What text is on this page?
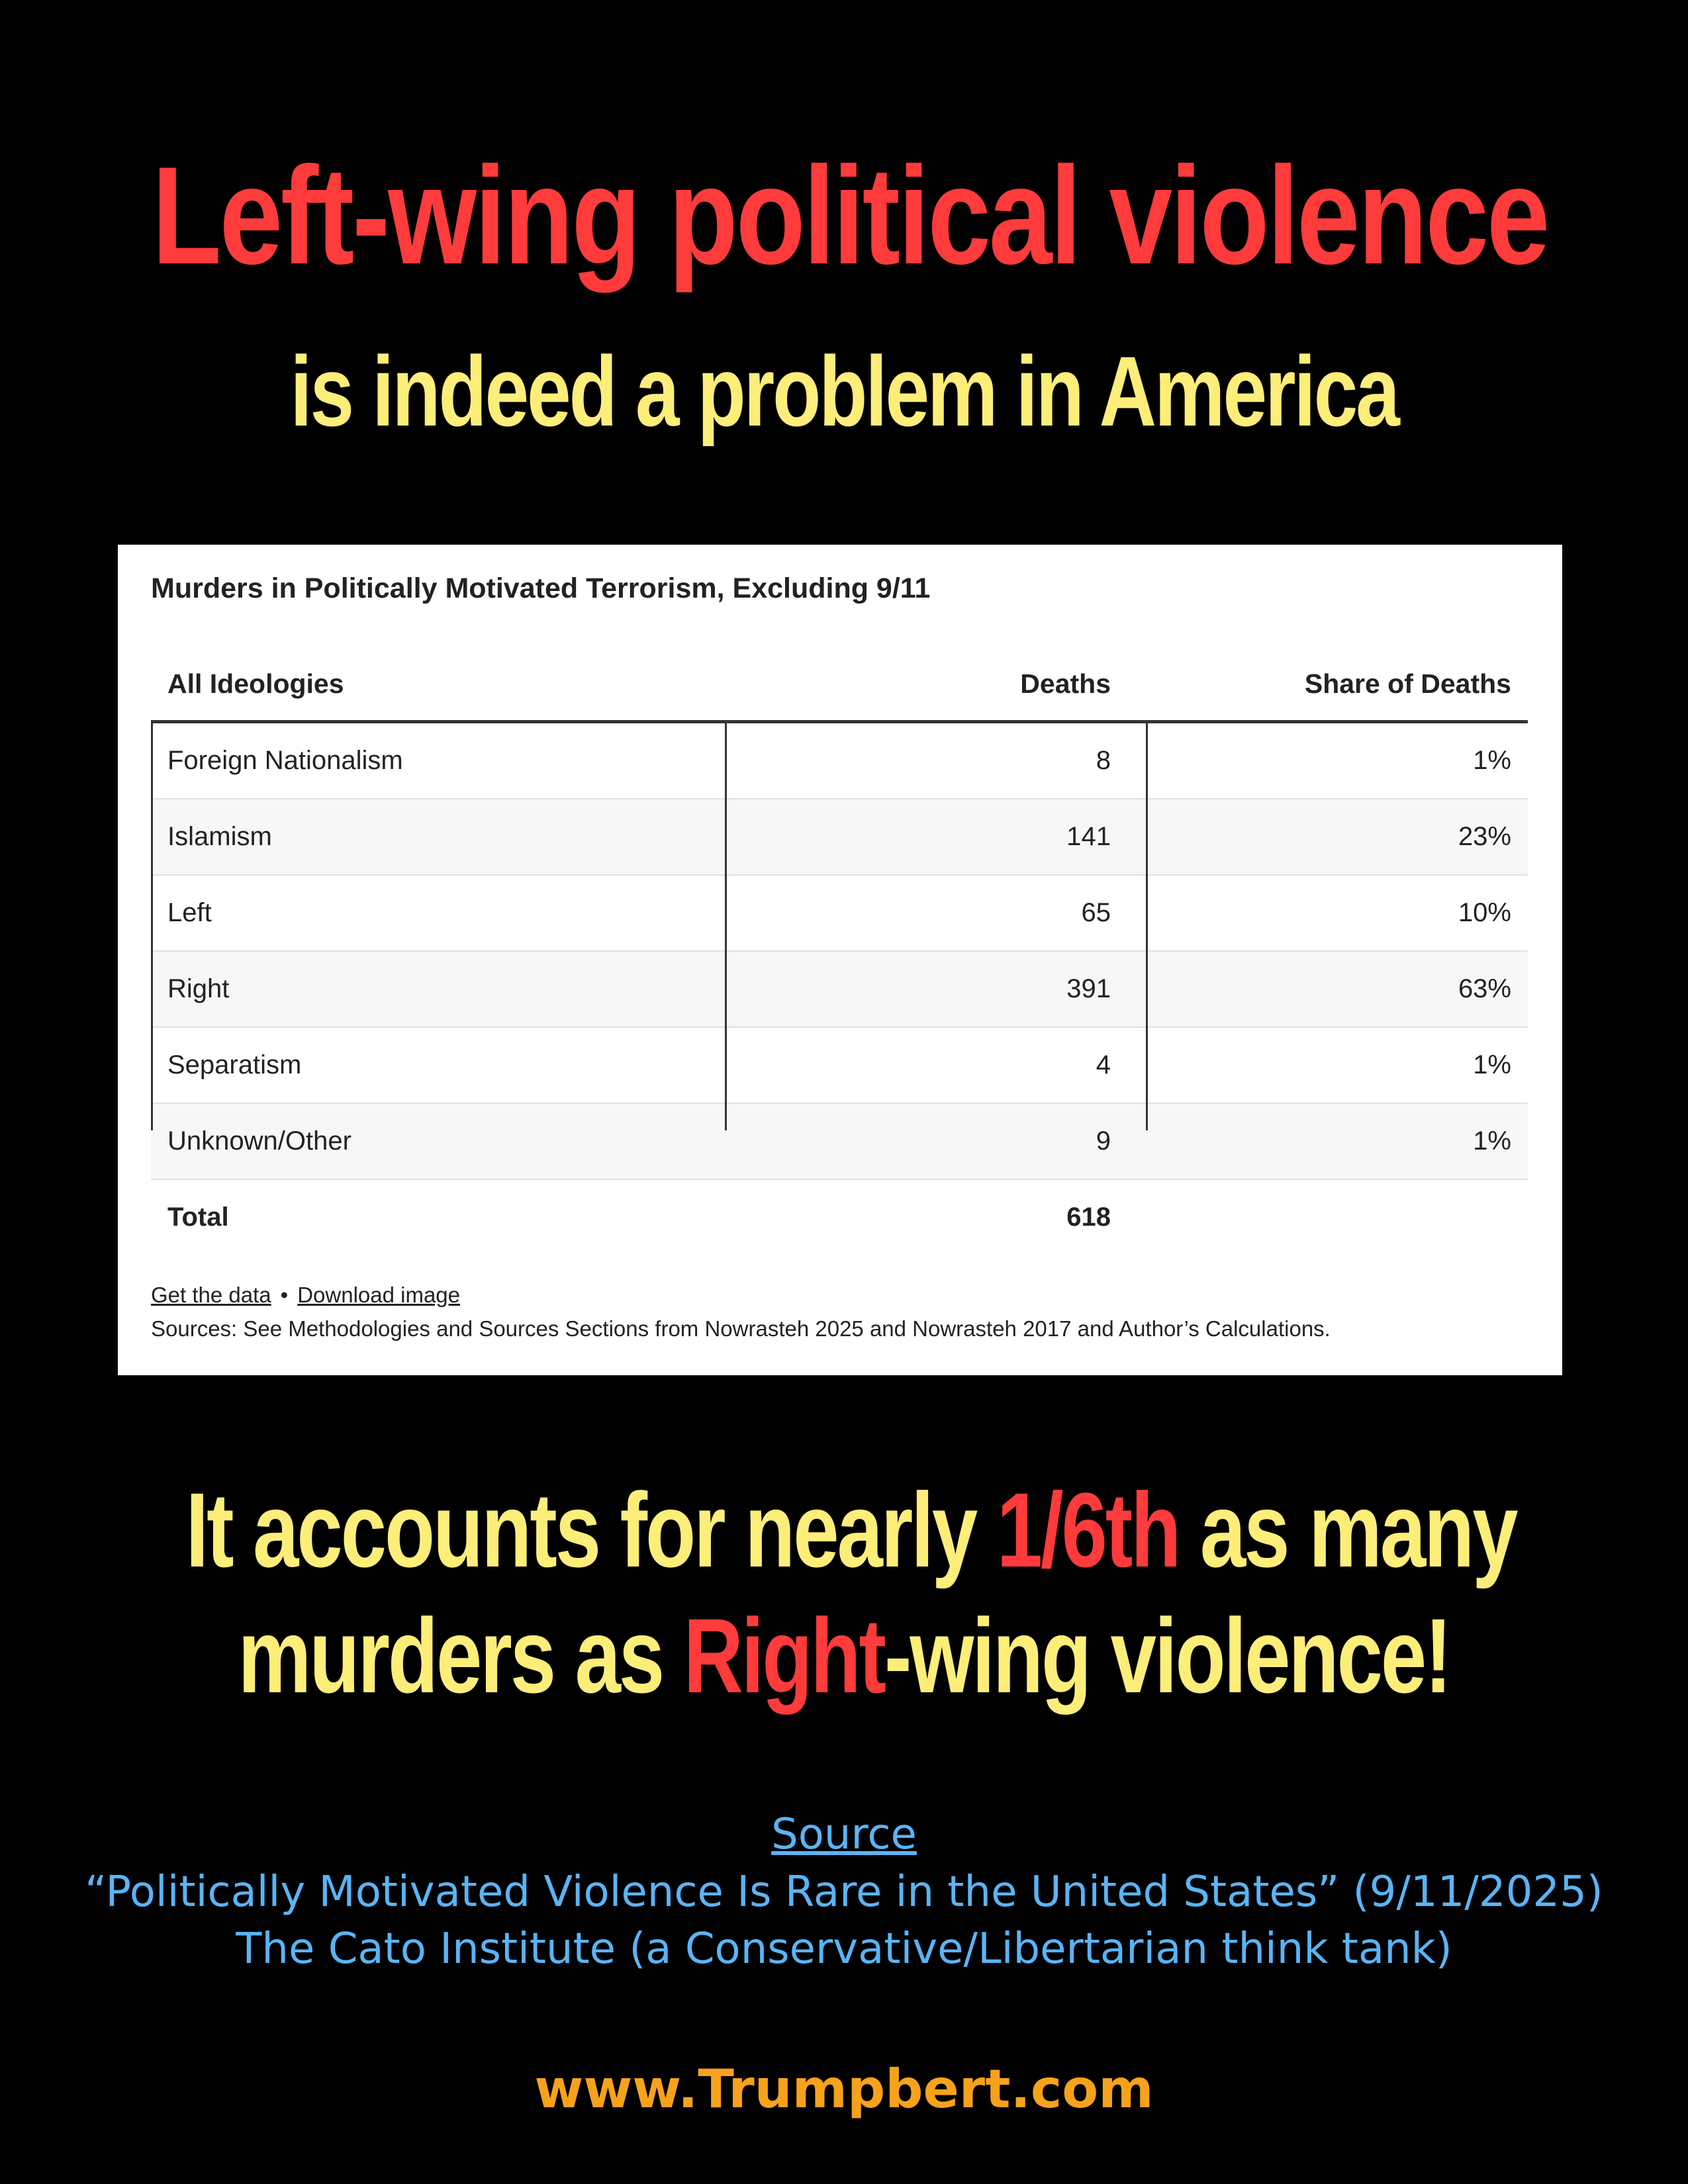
Left-wing political violence
is indeed a problem in America
Murders in Politically Motivated Terrorism, Excluding 9/11
All Ideologies	Deaths	Share of Deaths
Foreign Nationalism	8	1%
Islamism	141	23%
Left	65	10%
Right	391	63%
Separatism	4	1%
Unknown/Other	9	1%
Total	618
Get the data • Download image
Sources: See Methodologies and Sources Sections from Nowrasteh 2025 and Nowrasteh 2017 and Author’s Calculations.
It accounts for nearly 1/6th as many
murders as Right-wing violence!
Source
“Politically Motivated Violence Is Rare in the United States” (9/11/2025)
The Cato Institute (a Conservative/Libertarian think tank)
www.Trumpbert.com
